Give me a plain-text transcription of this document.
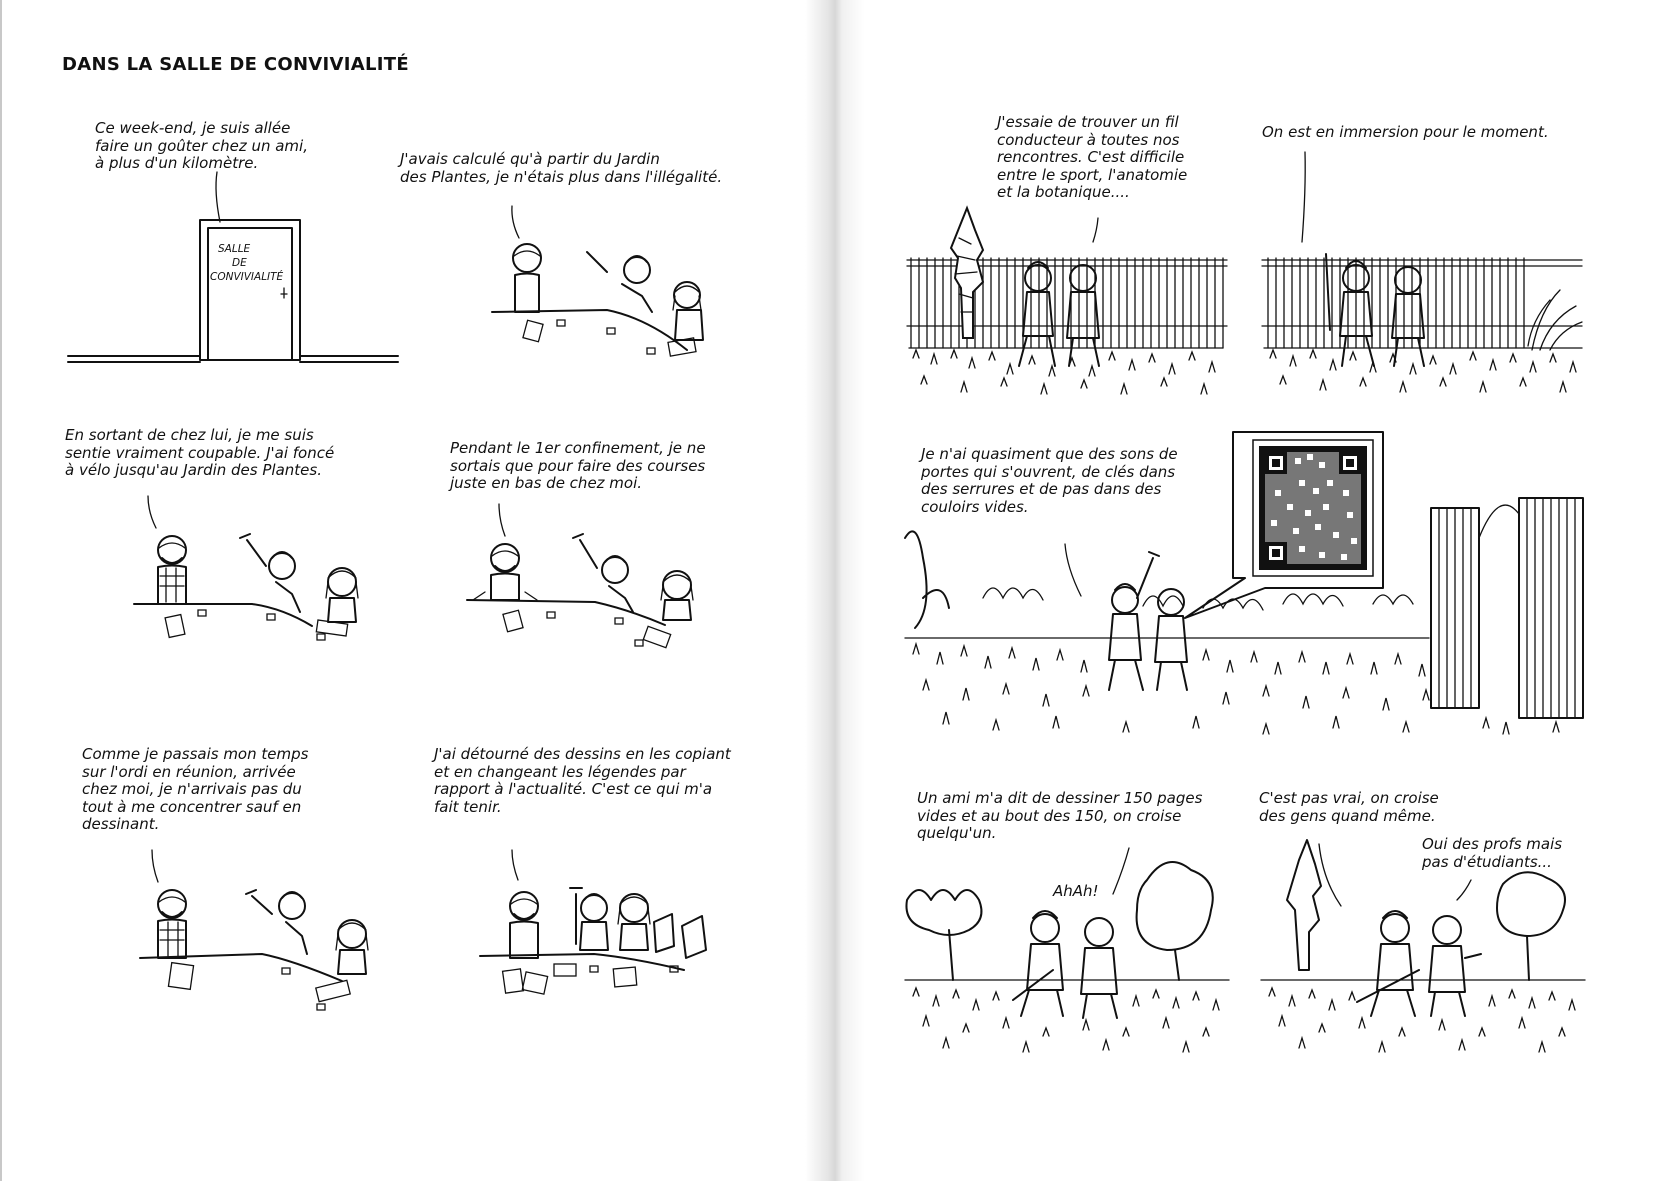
DANS LA SALLE DE CONVIVIALITÉ

Ce week-end, je suis allée
faire un goûter chez un ami,
à plus d'un kilomètre.

SALLE
DE
CONVIVIALITÉ

J'avais calculé qu'à partir du Jardin
des Plantes, je n'étais plus dans l'illégalité.

En sortant de chez lui, je me suis
sentie vraiment coupable. J'ai foncé
à vélo jusqu'au Jardin des Plantes.

Pendant le 1er confinement, je ne
sortais que pour faire des courses
juste en bas de chez moi.

Comme je passais mon temps
sur l'ordi en réunion, arrivée
chez moi, je n'arrivais pas du
tout à me concentrer sauf en
dessinant.

J'ai détourné des dessins en les copiant
et en changeant les légendes par
rapport à l'actualité. C'est ce qui m'a
fait tenir.

J'essaie de trouver un fil
conducteur à toutes nos
rencontres. C'est difficile
entre le sport, l'anatomie
et la botanique....

On est en immersion pour le moment.

Je n'ai quasiment que des sons de
portes qui s'ouvrent, de clés dans
des serrures et de pas dans des
couloirs vides.

Un ami m'a dit de dessiner 150 pages
vides et au bout des 150, on croise
quelqu'un.

C'est pas vrai, on croise
des gens quand même.

Oui des profs mais
pas d'étudiants...

AhAh!
